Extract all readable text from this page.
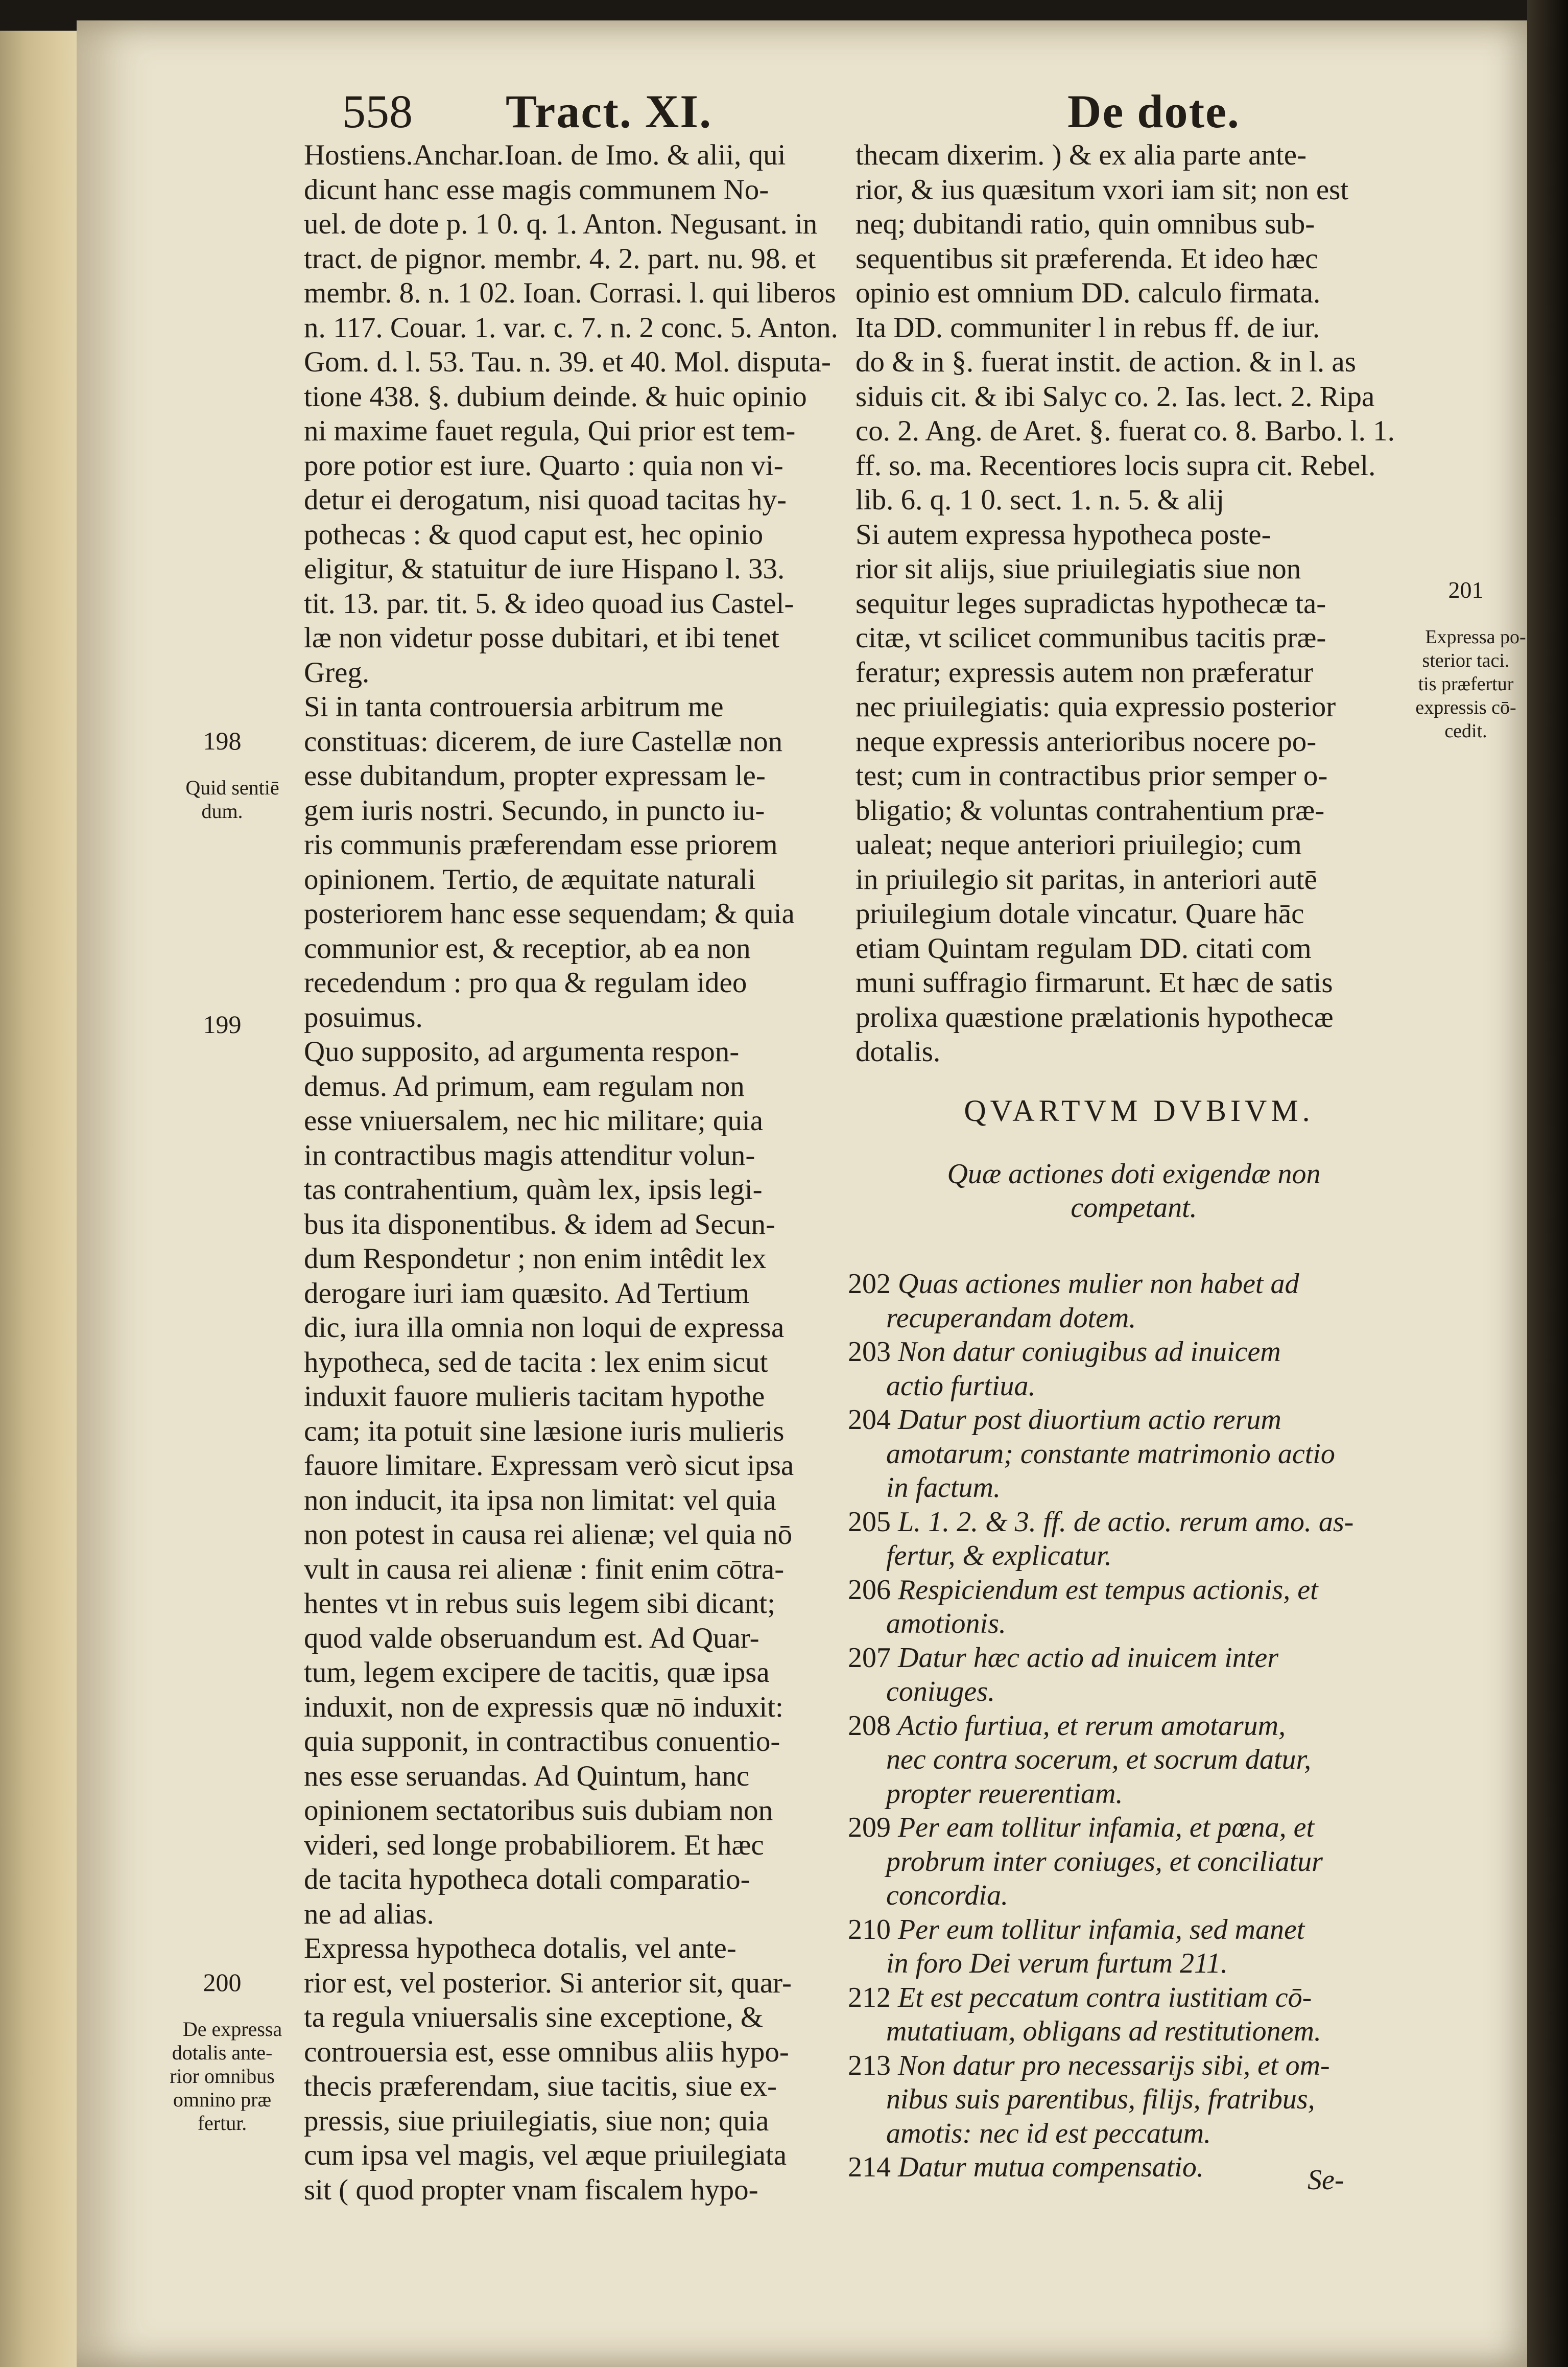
558 Tract. XI.	De dote.
Hostiens.Anchar.Ioan. de Imo. & alii, qui
dicunt hanc esse magis communem No-
uel. de dote p. 1 0. q. 1. Anton. Negusant. in
tract. de pignor. membr. 4. 2. part. nu. 98. et
membr. 8. n. 1 02. Ioan. Corrasi. l. qui liberos
n. 117. Couar. 1. var. c. 7. n. 2 conc. 5. Anton.
Gom. d. l. 53. Tau. n. 39. et 40. Mol. disputa-
tione 438. §. dubium deinde. & huic opinio
ni maxime fauet regula, Qui prior est tem-
pore potior est iure. Quarto : quia non vi-
detur ei derogatum, nisi quoad tacitas hy-
pothecas : & quod caput est, hec opinio
eligitur, & statuitur de iure Hispano l. 33.
tit. 13. par. tit. 5. & ideo quoad ius Castel-
læ non videtur posse dubitari, et ibi tenet
Greg.
Si in tanta controuersia arbitrum me
constituas: dicerem, de iure Castellæ non
esse dubitandum, propter expressam le-
gem iuris nostri. Secundo, in puncto iu-
ris communis præferendam esse priorem
opinionem. Tertio, de æquitate naturali
posteriorem hanc esse sequendam; & quia
communior est, & receptior, ab ea non
recedendum : pro qua & regulam ideo
posuimus.
Quo supposito, ad argumenta respon-
demus. Ad primum, eam regulam non
esse vniuersalem, nec hic militare; quia
in contractibus magis attenditur volun-
tas contrahentium, quàm lex, ipsis legi-
bus ita disponentibus. & idem ad Secun-
dum Respondetur ; non enim intêdit lex
derogare iuri iam quæsito. Ad Tertium
dic, iura illa omnia non loqui de expressa
hypotheca, sed de tacita : lex enim sicut
induxit fauore mulieris tacitam hypothe
cam; ita potuit sine læsione iuris mulieris
fauore limitare. Expressam verò sicut ipsa
non inducit, ita ipsa non limitat: vel quia
non potest in causa rei alienæ; vel quia nō
vult in causa rei alienæ : finit enim cōtra-
hentes vt in rebus suis legem sibi dicant;
quod valde obseruandum est. Ad Quar-
tum, legem excipere de tacitis, quæ ipsa
induxit, non de expressis quæ nō induxit:
quia supponit, in contractibus conuentio-
nes esse seruandas. Ad Quintum, hanc
opinionem sectatoribus suis dubiam non
videri, sed longe probabiliorem. Et hæc
de tacita hypotheca dotali comparatio-
ne ad alias.
Expressa hypotheca dotalis, vel ante-
rior est, vel posterior. Si anterior sit, quar-
ta regula vniuersalis sine exceptione, &
controuersia est, esse omnibus aliis hypo-
thecis præferendam, siue tacitis, siue ex-
pressis, siue priuilegiatis, siue non; quia
cum ipsa vel magis, vel æque priuilegiata
sit ( quod propter vnam fiscalem hypo-
thecam dixerim. ) & ex alia parte ante-
rior, & ius quæsitum vxori iam sit; non est
neq; dubitandi ratio, quin omnibus sub-
sequentibus sit præferenda. Et ideo hæc
opinio est omnium DD. calculo firmata.
Ita DD. communiter l in rebus ff. de iur.
do & in §. fuerat instit. de action. & in l. as
siduis cit. & ibi Salyc co. 2. Ias. lect. 2. Ripa
co. 2. Ang. de Aret. §. fuerat co. 8. Barbo. l. 1.
ff. so. ma. Recentiores locis supra cit. Rebel.
lib. 6. q. 1 0. sect. 1. n. 5. & alij
Si autem expressa hypotheca poste-
rior sit alijs, siue priuilegiatis siue non
sequitur leges supradictas hypothecæ ta-
citæ, vt scilicet communibus tacitis præ-
feratur; expressis autem non præferatur
nec priuilegiatis: quia expressio posterior
neque expressis anterioribus nocere po-
test; cum in contractibus prior semper o-
bligatio; & voluntas contrahentium præ-
ualeat; neque anteriori priuilegio; cum
in priuilegio sit paritas, in anteriori autē
priuilegium dotale vincatur. Quare hāc
etiam Quintam regulam DD. citati com
muni suffragio firmarunt. Et hæc de satis
prolixa quæstione prælationis hypothecæ
dotalis.
QVARTVM DVBIVM.
Quæ actiones doti exigendæ non
competant.
202 Quas actiones mulier non habet ad
recuperandam dotem.
203 Non datur coniugibus ad inuicem
actio furtiua.
204 Datur post diuortium actio rerum
amotarum; constante matrimonio actio
in factum.
205 L. 1. 2. & 3. ff. de actio. rerum amo. as-
fertur, & explicatur.
206 Respiciendum est tempus actionis, et
amotionis.
207 Datur hæc actio ad inuicem inter
coniuges.
208 Actio furtiua, et rerum amotarum,
nec contra socerum, et socrum datur,
propter reuerentiam.
209 Per eam tollitur infamia, et pœna, et
probrum inter coniuges, et conciliatur
concordia.
210 Per eum tollitur infamia, sed manet
in foro Dei verum furtum 211.
212 Et est peccatum contra iustitiam cō-
mutatiuam, obligans ad restitutionem.
213 Non datur pro necessarijs sibi, et om-
nibus suis parentibus, filijs, fratribus,
amotis: nec id est peccatum.
214 Datur mutua compensatio.	Se-

198

Quid sentiē
dum.

199

200

De expressa
dotalis ante-
rior omnibus
omnino præ
fertur.

201

Expressa po-
sterior taci.
tis præfertur
expressis cō-
cedit.
